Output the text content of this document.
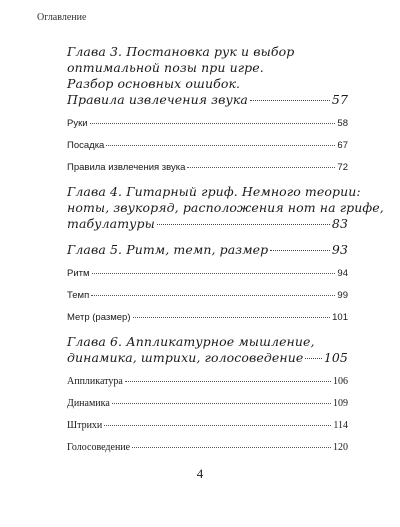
Оглавление
Глава 3. Постановка рук и выбор
оптимальной позы при игре.
Разбор основных ошибок.
Правила извлечения звука	57
Руки	58
Посадка	67
Правила извлечения звука	72
Глава 4. Гитарный гриф. Немного теории:
ноты, звукоряд, расположения нот на грифе,
табулатуры	83
Глава 5. Ритм, темп, размер	93
Ритм	94
Темп	99
Метр (размер)	101
Глава 6. Аппликатурное мышление,
динамика, штрихи, голосоведение 105
Аппликатура	106
Динамика	109
Штрихи	114
Голосоведение	120
4
